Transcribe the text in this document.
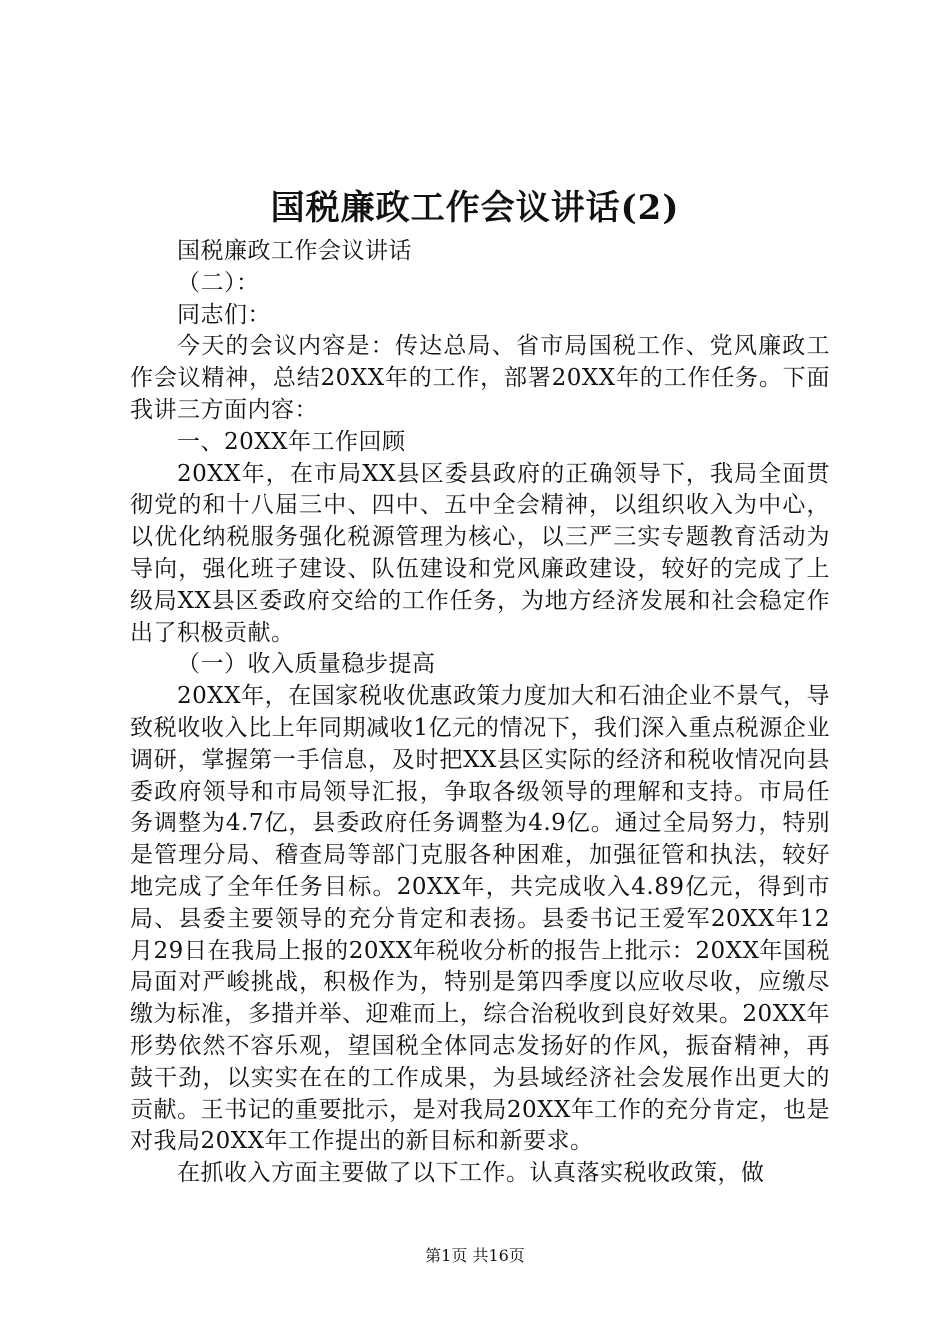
国税廉政工作会议讲话(2)

国税廉政工作会议讲话

（二）：

同志们：

今天的会议内容是：传达总局、省市局国税工作、党风廉政工作会议精神，总结20XX年的工作，部署20XX年的工作任务。下面我讲三方面内容：

一、20XX年工作回顾

20XX年，在市局XX县区委县政府的正确领导下，我局全面贯彻党的和十八届三中、四中、五中全会精神，以组织收入为中心，以优化纳税服务强化税源管理为核心，以三严三实专题教育活动为导向，强化班子建设、队伍建设和党风廉政建设，较好的完成了上级局XX县区委政府交给的工作任务，为地方经济发展和社会稳定作出了积极贡献。

（一）收入质量稳步提高

20XX年，在国家税收优惠政策力度加大和石油企业不景气，导致税收收入比上年同期减收1亿元的情况下，我们深入重点税源企业调研，掌握第一手信息，及时把XX县区实际的经济和税收情况向县委政府领导和市局领导汇报，争取各级领导的理解和支持。市局任务调整为4.7亿，县委政府任务调整为4.9亿。通过全局努力，特别是管理分局、稽查局等部门克服各种困难，加强征管和执法，较好地完成了全年任务目标。20XX年，共完成收入4.89亿元，得到市局、县委主要领导的充分肯定和表扬。县委书记王爱军20XX年12月29日在我局上报的20XX年税收分析的报告上批示：20XX年国税局面对严峻挑战，积极作为，特别是第四季度以应收尽收，应缴尽缴为标准，多措并举、迎难而上，综合治税收到良好效果。20XX年形势依然不容乐观，望国税全体同志发扬好的作风，振奋精神，再鼓干劲，以实实在在的工作成果，为县域经济社会发展作出更大的贡献。王书记的重要批示，是对我局20XX年工作的充分肯定，也是对我局20XX年工作提出的新目标和新要求。

在抓收入方面主要做了以下工作。认真落实税收政策，做

第1页 共16页
